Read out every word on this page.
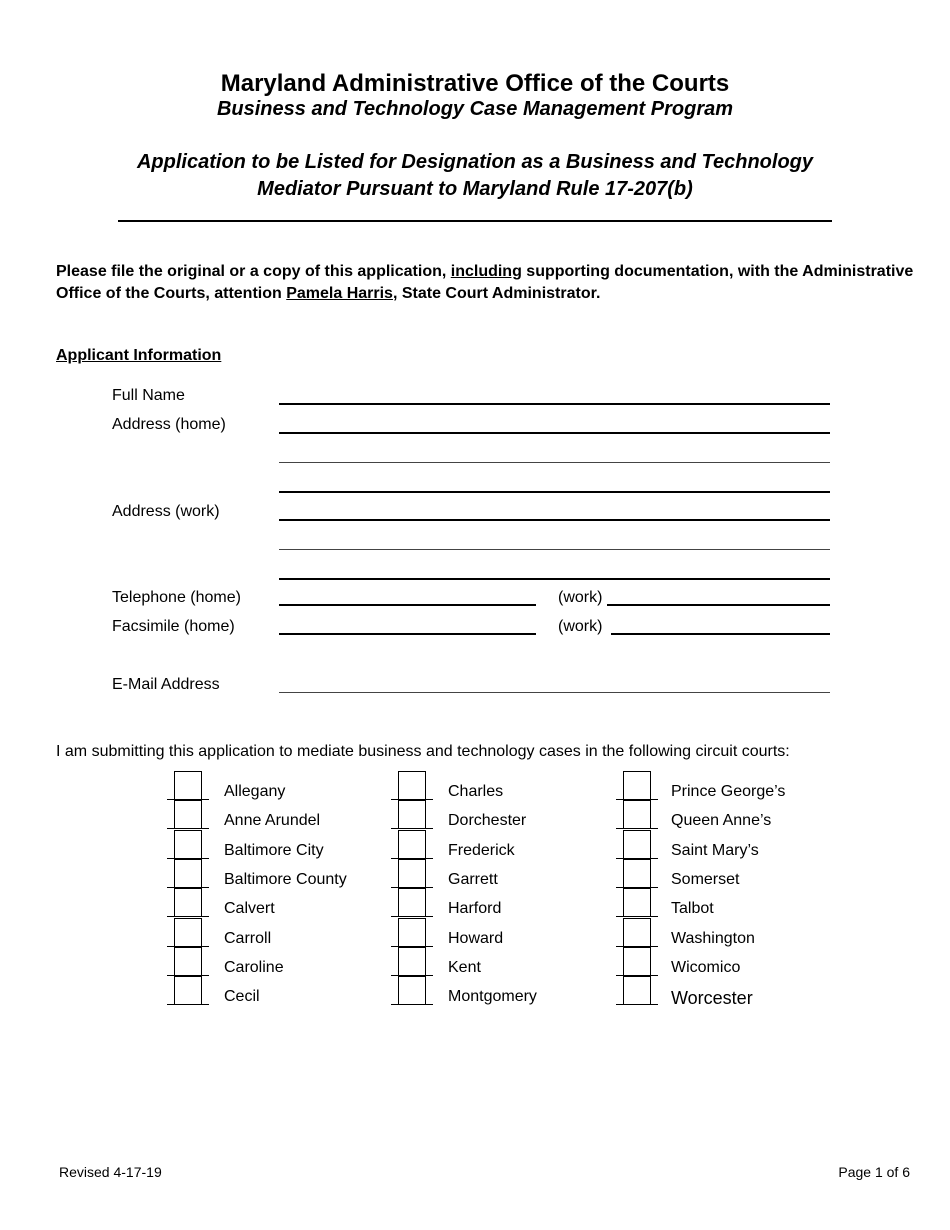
Maryland Administrative Office of the Courts
Business and Technology Case Management Program
Application to be Listed for Designation as a Business and Technology
Mediator Pursuant to Maryland Rule 17-207(b)
Please file the original or a copy of this application, including supporting documentation, with the Administrative Office of the Courts, attention Pamela Harris, State Court Administrator.
Applicant Information
Full Name
Address (home)
Address (work)
Telephone (home)	(work)
Facsimile (home)	(work)
E-Mail Address
I am submitting this application to mediate business and technology cases in the following circuit courts:
Allegany
Anne Arundel
Baltimore City
Baltimore County
Calvert
Carroll
Caroline
Cecil
Charles
Dorchester
Frederick
Garrett
Harford
Howard
Kent
Montgomery
Prince George’s
Queen Anne’s
Saint Mary’s
Somerset
Talbot
Washington
Wicomico
Worcester
Revised 4-17-19	Page 1 of 6
